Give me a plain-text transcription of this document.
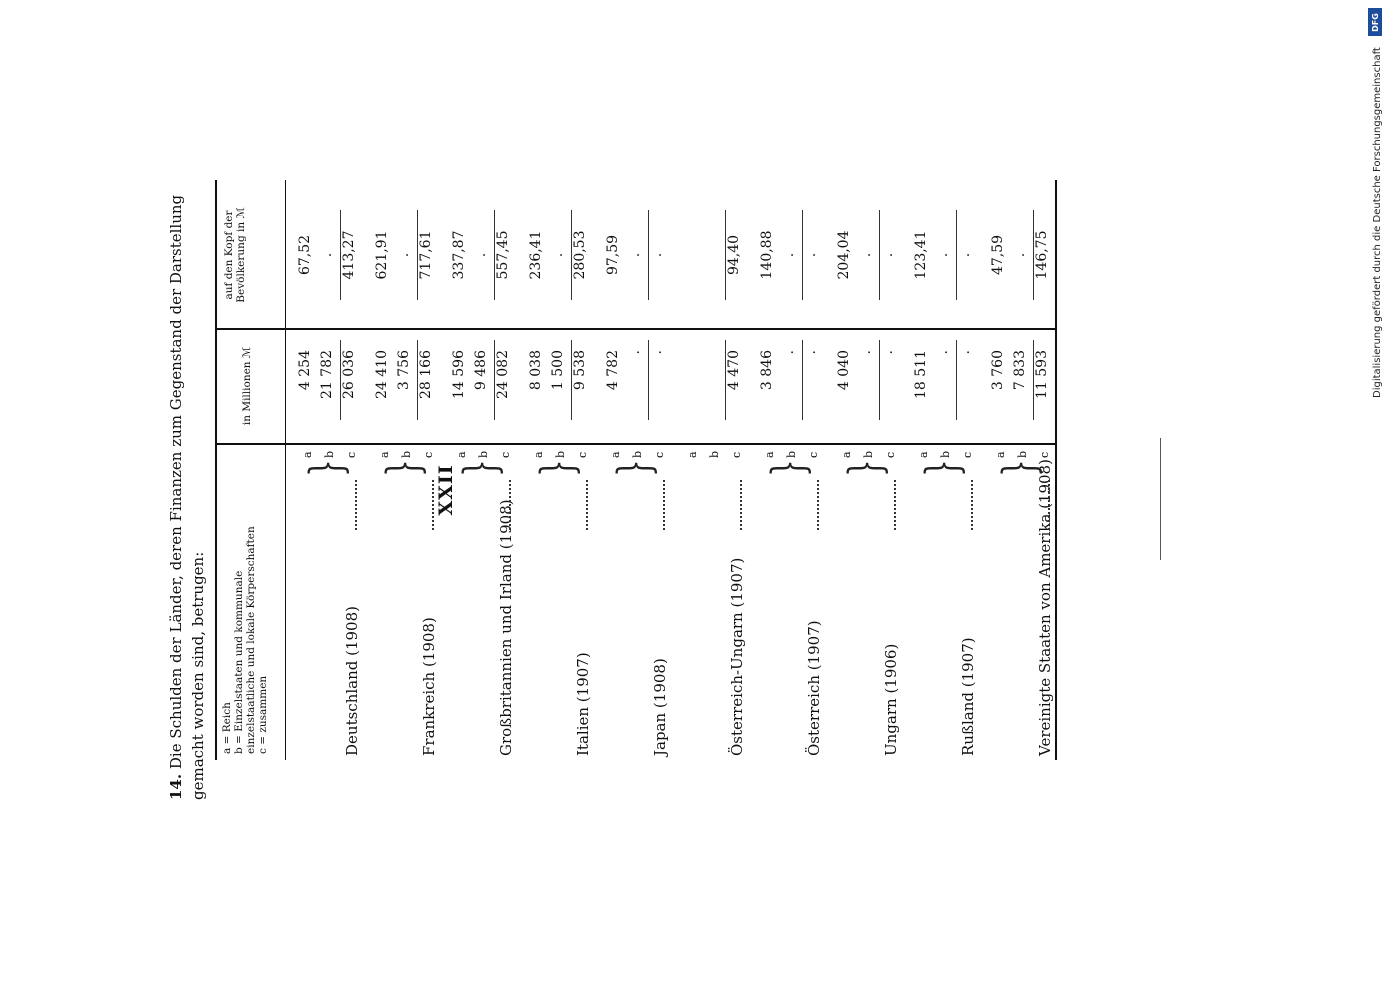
XXII
14. Die Schulden der Länder, deren Finanzen zum Gegenstand der Darstellung gemacht worden sind, betrugen: a = Reich b = Einzelstaaten und kommunale einzelstaatliche und lokale Körperschaften c = zusammen
in Millionen ℳ
auf den Kopf der Bevölkerung in ℳ
Deutschland (1908)
}
a
4 254
67,52
b
21 782
.
c
26 036
413,27
Frankreich (1908)
}
a
24 410
621,91
b
3 756
.
c
28 166
717,61
Großbritannien und Irland (1908)
}
a
14 596
337,87
b
9 486
.
c
24 082
557,45
Italien (1907)
}
a
8 038
236,41
b
1 500
.
c
9 538
280,53
Japan (1908)
}
a
4 782
97,59
b
.
.
c
.
.
Österreich-Ungarn (1907)
a b c
4 470
94,40
Österreich (1907)
}
a
3 846
140,88
b
.
.
c
.
.
Ungarn (1906)
}
a
4 040
204,04
b
.
.
c
.
.
Rußland (1907)
}
a
18 511
123,41
b
.
.
c
.
.
Vereinigte Staaten von Amerika (1908)
}
a
3 760
47,59
b
7 833
.
c
11 593
146,75
DFG
Digitalisierung gefördert durch die Deutsche Forschungsgemeinschaft
